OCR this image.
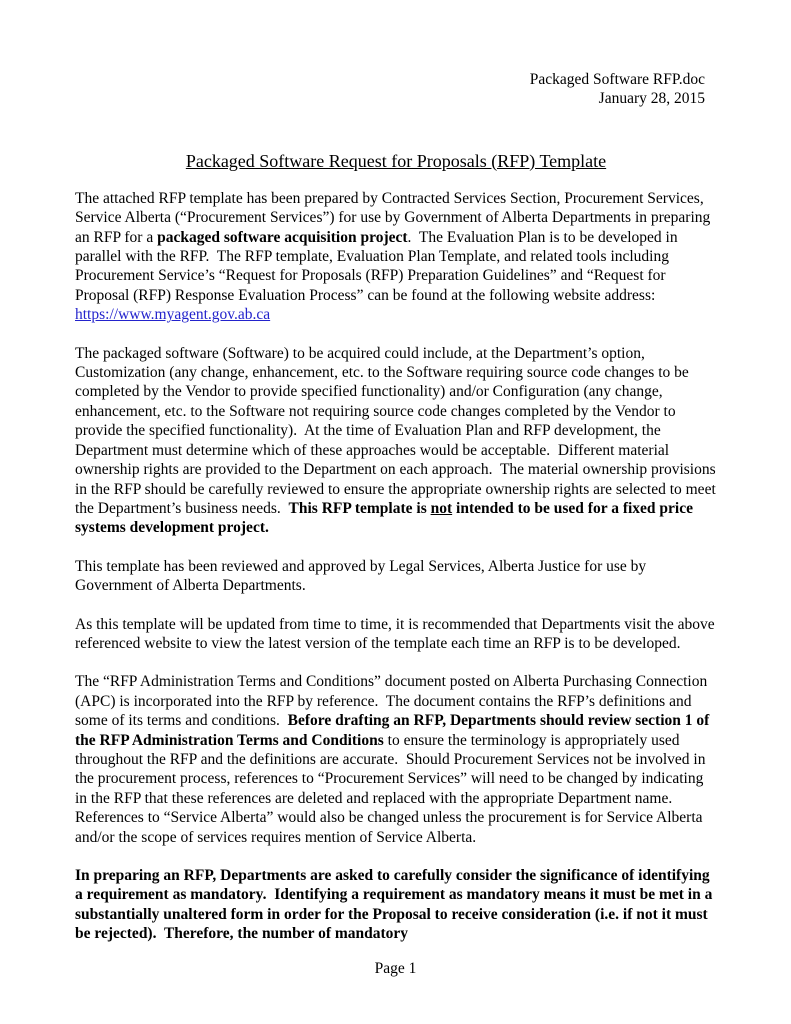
Packaged Software RFP.doc
January 28, 2015
Packaged Software Request for Proposals (RFP) Template

The attached RFP template has been prepared by Contracted Services Section, Procurement Services, Service Alberta (“Procurement Services”) for use by Government of Alberta Departments in preparing an RFP for a packaged software acquisition project.  The Evaluation Plan is to be developed in parallel with the RFP.  The RFP template, Evaluation Plan Template, and related tools including Procurement Service’s “Request for Proposals (RFP) Preparation Guidelines” and “Request for Proposal (RFP) Response Evaluation Process” can be found at the following website address:
https://www.myagent.gov.ab.ca

The packaged software (Software) to be acquired could include, at the Department’s option, Customization (any change, enhancement, etc. to the Software requiring source code changes to be completed by the Vendor to provide specified functionality) and/or Configuration (any change, enhancement, etc. to the Software not requiring source code changes completed by the Vendor to provide the specified functionality).  At the time of Evaluation Plan and RFP development, the Department must determine which of these approaches would be acceptable.  Different material ownership rights are provided to the Department on each approach.  The material ownership provisions in the RFP should be carefully reviewed to ensure the appropriate ownership rights are selected to meet the Department’s business needs.  This RFP template is not intended to be used for a fixed price systems development project.

This template has been reviewed and approved by Legal Services, Alberta Justice for use by Government of Alberta Departments.

As this template will be updated from time to time, it is recommended that Departments visit the above referenced website to view the latest version of the template each time an RFP is to be developed.

The “RFP Administration Terms and Conditions” document posted on Alberta Purchasing Connection (APC) is incorporated into the RFP by reference.  The document contains the RFP’s definitions and some of its terms and conditions.  Before drafting an RFP, Departments should review section 1 of the RFP Administration Terms and Conditions to ensure the terminology is appropriately used throughout the RFP and the definitions are accurate.  Should Procurement Services not be involved in the procurement process, references to “Procurement Services” will need to be changed by indicating in the RFP that these references are deleted and replaced with the appropriate Department name.  References to “Service Alberta” would also be changed unless the procurement is for Service Alberta and/or the scope of services requires mention of Service Alberta.

In preparing an RFP, Departments are asked to carefully consider the significance of identifying a requirement as mandatory.  Identifying a requirement as mandatory means it must be met in a substantially unaltered form in order for the Proposal to receive consideration (i.e. if not it must be rejected).  Therefore, the number of mandatory

Page 1
